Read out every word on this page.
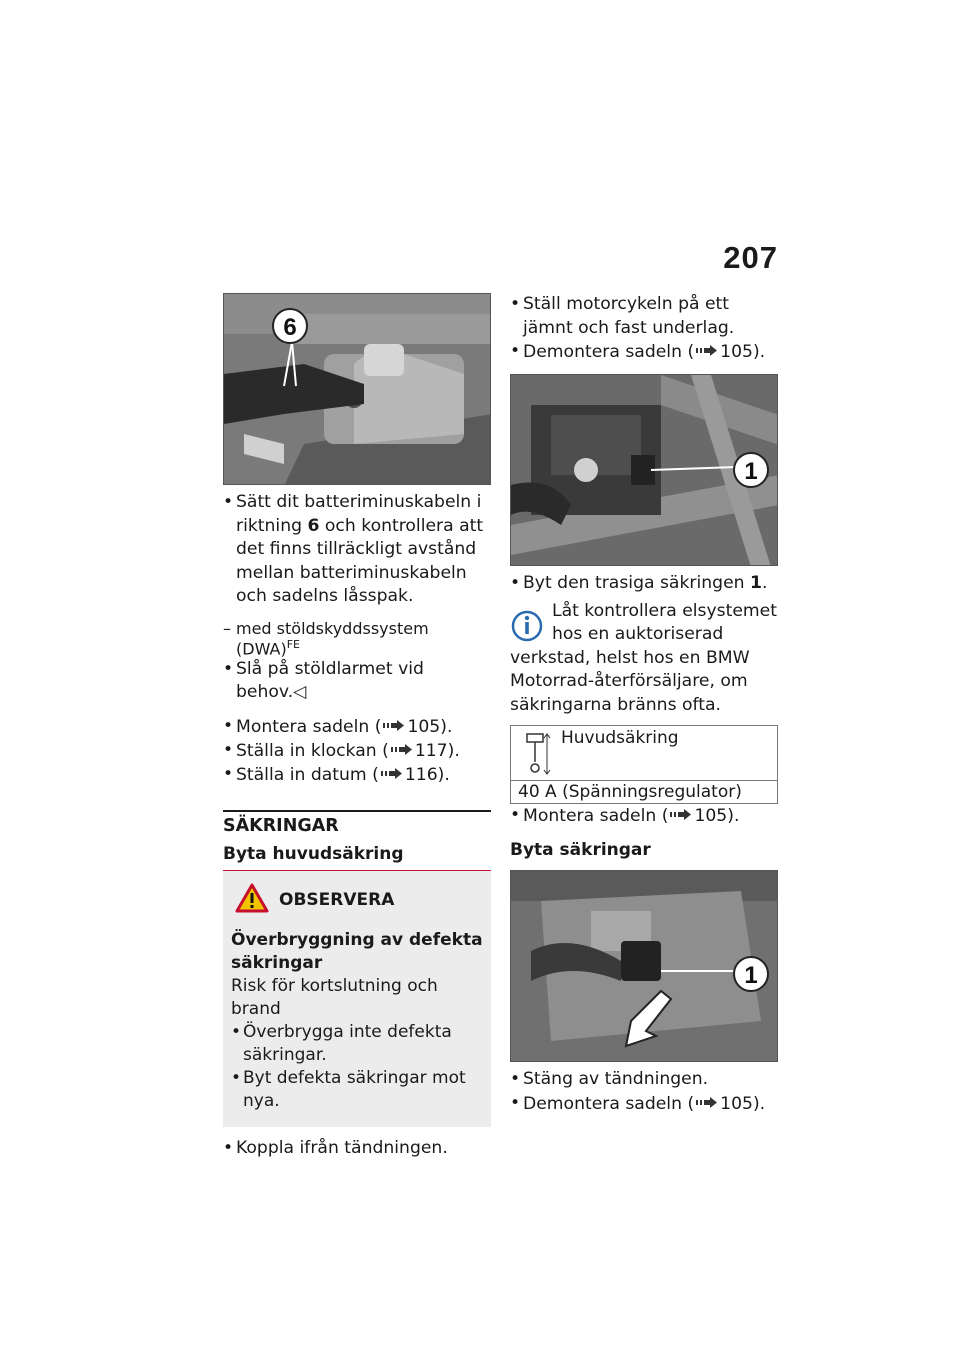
207
6
• Sätt dit batteriminuskabeln i riktning 6 och kontrollera att det finns tillräckligt avstånd mellan batteriminuskabeln och sadelns låsspak.
– med stöldskyddssystem (DWA)$^{FE}$
• Slå på stöldlarmet vid behov.◁
• Montera sadeln ( 105).
• Ställa in klockan ( 117).
• Ställa in datum ( 116).
SÄKRINGAR
Byta huvudsäkring
OBSERVERA

Överbryggning av defekta säkringar

Risk för kortslutning och brand

• Överbrygga inte defekta säkringar.
• Byt defekta säkringar mot nya.
• Koppla ifrån tändningen.
• Ställ motorcykeln på ett jämnt och fast underlag.
• Demontera sadeln ( 105).
1
• Byt den trasiga säkringen 1.

Låt kontrollera elsystemet

hos en auktoriserad

verkstad, helst hos en BMW Motorrad-återförsäljare, om säkringarna bränns ofta.

Huvudsäkring
40 A (Spänningsregulator)
• Montera sadeln ( 105).

Byta säkringar

1
• Stäng av tändningen.
• Demontera sadeln ( 105).
